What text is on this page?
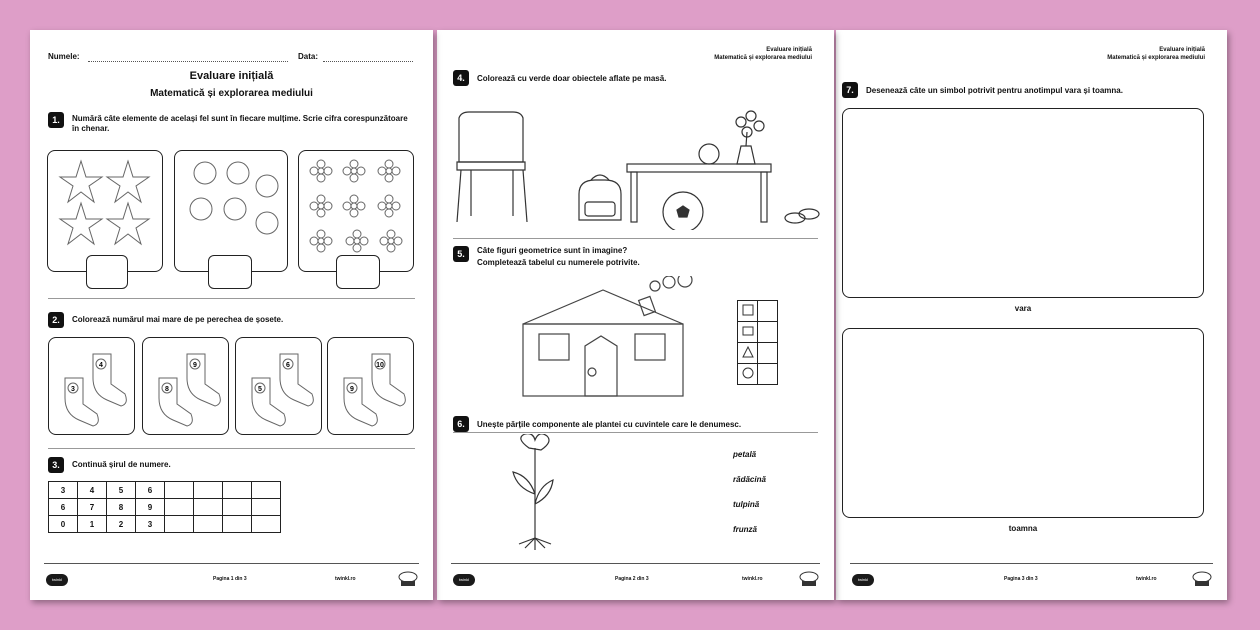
Numele:	Data:
Evaluare inițială
Matematică și explorarea mediului
1.	Numără câte elemente de același fel sunt în fiecare mulțime. Scrie cifra corespunzătoare în chenar.
2.	Colorează numărul mai mare de pe perechea de șosete.
3
4
8
9
5
6
9
10
3.	Continuă șirul de numere.
3	4	5	6				
6	7	8	9				
0	1	2	3				
twinkl	Pagina 1 din 3	twinkl.ro
Evaluare inițială
Matematică și explorarea mediului
4.	Colorează cu verde doar obiectele aflate pe masă.
5.	Câte figuri geometrice sunt în imagine?
Completează tabelul cu numerele potrivite.

6.	Unește părțile componente ale plantei cu cuvintele care le denumesc.
petală
rădăcină
tulpină
frunză
twinkl	Pagina 2 din 3	twinkl.ro
Evaluare inițială
Matematică și explorarea mediului
7.	Desenează câte un simbol potrivit pentru anotimpul vara și toamna.
vara
toamna
twinkl	Pagina 3 din 3	twinkl.ro
